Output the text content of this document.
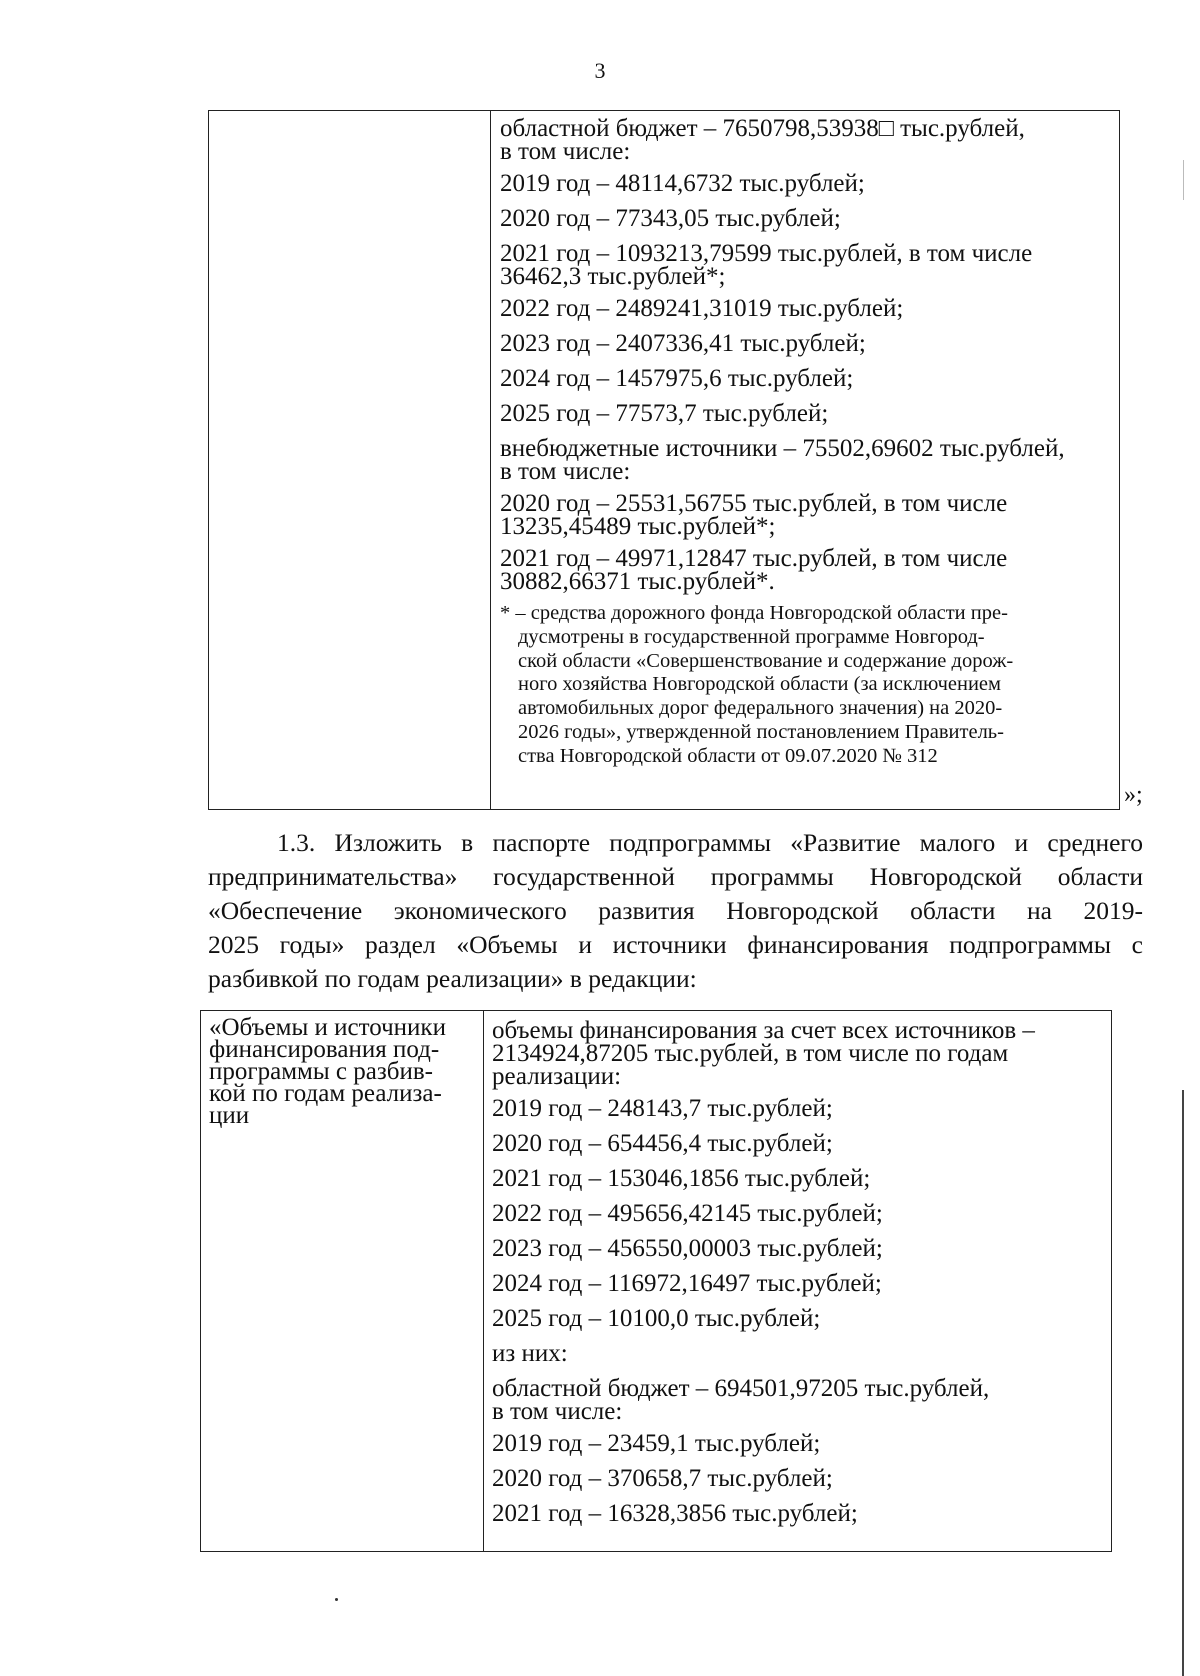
3
областной бюджет – 7650798,53938□ тыс.рублей,
в том числе:
2019 год – 48114,6732 тыс.рублей;
2020 год – 77343,05 тыс.рублей;
2021 год – 1093213,79599 тыс.рублей, в том числе
36462,3 тыс.рублей*;
2022 год – 2489241,31019 тыс.рублей;
2023 год – 2407336,41 тыс.рублей;
2024 год – 1457975,6 тыс.рублей;
2025 год – 77573,7 тыс.рублей;
внебюджетные источники – 75502,69602 тыс.рублей,
в том числе:
2020 год – 25531,56755 тыс.рублей, в том числе
13235,45489 тыс.рублей*;
2021 год – 49971,12847 тыс.рублей, в том числе
30882,66371 тыс.рублей*.

* – средства дорожного фонда Новгородской области пре-

дусмотрены в государственной программе Новгород-

ской области «Совершенствование и содержание дорож-

ного хозяйства Новгородской области (за исключением

автомобильных дорог федерального значения) на 2020-

2026 годы», утвержденной постановлением Правитель-

ства Новгородской области от 09.07.2020 № 312

»;
1.3. Изложить в паспорте подпрограммы «Развитие малого и среднего
предпринимательства» государственной программы Новгородской области
«Обеспечение экономического развития Новгородской области на 2019-
2025 годы» раздел «Объемы и источники финансирования подпрограммы с
разбивкой по годам реализации» в редакции:
«Объемы и источники
финансирования под-
программы с разбив-
кой по годам реализа-
ции
объемы финансирования за счет всех источников –
2134924,87205 тыс.рублей, в том числе по годам
реализации:
2019 год – 248143,7 тыс.рублей;
2020 год – 654456,4 тыс.рублей;
2021 год – 153046,1856 тыс.рублей;
2022 год – 495656,42145 тыс.рублей;
2023 год – 456550,00003 тыс.рублей;
2024 год – 116972,16497 тыс.рублей;
2025 год – 10100,0 тыс.рублей;
из них:
областной бюджет – 694501,97205 тыс.рублей,
в том числе:
2019 год – 23459,1 тыс.рублей;
2020 год – 370658,7 тыс.рублей;
2021 год – 16328,3856 тыс.рублей;
